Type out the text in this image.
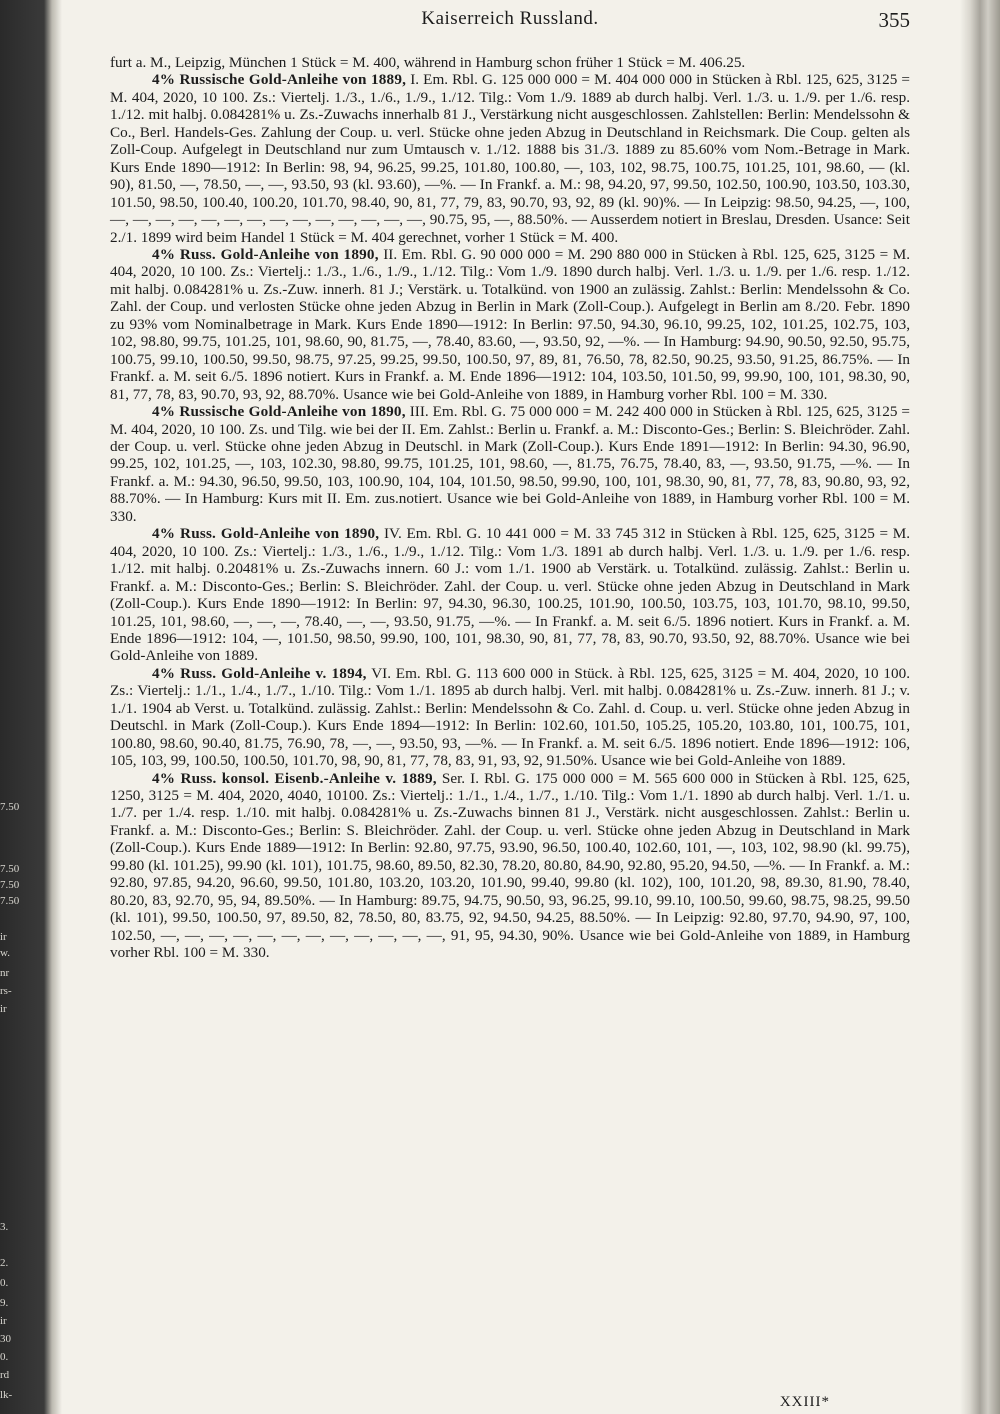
7.50
7.50
7.50
7.50
ir
w.
nr
rs-
ir
3.
2.
0.
9.
ir
30
0.
rd
lk-
Kaiserreich Russland.	355
furt a. M., Leipzig, München 1 Stück = M. 400, während in Hamburg schon früher 1 Stück = M. 406.25.
4% Russische Gold-Anleihe von 1889, I. Em. Rbl. G. 125 000 000 = M. 404 000 000 in Stücken à Rbl. 125, 625, 3125 = M. 404, 2020, 10 100. Zs.: Viertelj. 1./3., 1./6., 1./9., 1./12. Tilg.: Vom 1./9. 1889 ab durch halbj. Verl. 1./3. u. 1./9. per 1./6. resp. 1./12. mit halbj. 0.084281% u. Zs.-Zuwachs innerhalb 81 J., Verstärkung nicht ausgeschlossen. Zahlstellen: Berlin: Mendelssohn & Co., Berl. Handels-Ges. Zahlung der Coup. u. verl. Stücke ohne jeden Abzug in Deutschland in Reichsmark. Die Coup. gelten als Zoll-Coup. Aufgelegt in Deutschland nur zum Umtausch v. 1./12. 1888 bis 31./3. 1889 zu 85.60% vom Nom.-Betrage in Mark. Kurs Ende 1890—1912: In Berlin: 98, 94, 96.25, 99.25, 101.80, 100.80, —, 103, 102, 98.75, 100.75, 101.25, 101, 98.60, — (kl. 90), 81.50, —, 78.50, —, —, 93.50, 93 (kl. 93.60), —%. — In Frankf. a. M.: 98, 94.20, 97, 99.50, 102.50, 100.90, 103.50, 103.30, 101.50, 98.50, 100.40, 100.20, 101.70, 98.40, 90, 81, 77, 79, 83, 90.70, 93, 92, 89 (kl. 90)%. — In Leipzig: 98.50, 94.25, —, 100, —, —, —, —, —, —, —, —, —, —, —, —, —, —, 90.75, 95, —, 88.50%. — Ausserdem notiert in Breslau, Dresden. Usance: Seit 2./1. 1899 wird beim Handel 1 Stück = M. 404 gerechnet, vorher 1 Stück = M. 400.
4% Russ. Gold-Anleihe von 1890, II. Em. Rbl. G. 90 000 000 = M. 290 880 000 in Stücken à Rbl. 125, 625, 3125 = M. 404, 2020, 10 100. Zs.: Viertelj.: 1./3., 1./6., 1./9., 1./12. Tilg.: Vom 1./9. 1890 durch halbj. Verl. 1./3. u. 1./9. per 1./6. resp. 1./12. mit halbj. 0.084281% u. Zs.-Zuw. innerh. 81 J.; Verstärk. u. Totalkünd. von 1900 an zulässig. Zahlst.: Berlin: Mendelssohn & Co. Zahl. der Coup. und verlosten Stücke ohne jeden Abzug in Berlin in Mark (Zoll-Coup.). Aufgelegt in Berlin am 8./20. Febr. 1890 zu 93% vom Nominalbetrage in Mark. Kurs Ende 1890—1912: In Berlin: 97.50, 94.30, 96.10, 99.25, 102, 101.25, 102.75, 103, 102, 98.80, 99.75, 101.25, 101, 98.60, 90, 81.75, —, 78.40, 83.60, —, 93.50, 92, —%. — In Hamburg: 94.90, 90.50, 92.50, 95.75, 100.75, 99.10, 100.50, 99.50, 98.75, 97.25, 99.25, 99.50, 100.50, 97, 89, 81, 76.50, 78, 82.50, 90.25, 93.50, 91.25, 86.75%. — In Frankf. a. M. seit 6./5. 1896 notiert. Kurs in Frankf. a. M. Ende 1896—1912: 104, 103.50, 101.50, 99, 99.90, 100, 101, 98.30, 90, 81, 77, 78, 83, 90.70, 93, 92, 88.70%. Usance wie bei Gold-Anleihe von 1889, in Hamburg vorher Rbl. 100 = M. 330.
4% Russische Gold-Anleihe von 1890, III. Em. Rbl. G. 75 000 000 = M. 242 400 000 in Stücken à Rbl. 125, 625, 3125 = M. 404, 2020, 10 100. Zs. und Tilg. wie bei der II. Em. Zahlst.: Berlin u. Frankf. a. M.: Disconto-Ges.; Berlin: S. Bleichröder. Zahl. der Coup. u. verl. Stücke ohne jeden Abzug in Deutschl. in Mark (Zoll-Coup.). Kurs Ende 1891—1912: In Berlin: 94.30, 96.90, 99.25, 102, 101.25, —, 103, 102.30, 98.80, 99.75, 101.25, 101, 98.60, —, 81.75, 76.75, 78.40, 83, —, 93.50, 91.75, —%. — In Frankf. a. M.: 94.30, 96.50, 99.50, 103, 100.90, 104, 104, 101.50, 98.50, 99.90, 100, 101, 98.30, 90, 81, 77, 78, 83, 90.80, 93, 92, 88.70%. — In Hamburg: Kurs mit II. Em. zus.notiert. Usance wie bei Gold-Anleihe von 1889, in Hamburg vorher Rbl. 100 = M. 330.
4% Russ. Gold-Anleihe von 1890, IV. Em. Rbl. G. 10 441 000 = M. 33 745 312 in Stücken à Rbl. 125, 625, 3125 = M. 404, 2020, 10 100. Zs.: Viertelj.: 1./3., 1./6., 1./9., 1./12. Tilg.: Vom 1./3. 1891 ab durch halbj. Verl. 1./3. u. 1./9. per 1./6. resp. 1./12. mit halbj. 0.20481% u. Zs.-Zuwachs innern. 60 J.: vom 1./1. 1900 ab Verstärk. u. Totalkünd. zulässig. Zahlst.: Berlin u. Frankf. a. M.: Disconto-Ges.; Berlin: S. Bleichröder. Zahl. der Coup. u. verl. Stücke ohne jeden Abzug in Deutschland in Mark (Zoll-Coup.). Kurs Ende 1890—1912: In Berlin: 97, 94.30, 96.30, 100.25, 101.90, 100.50, 103.75, 103, 101.70, 98.10, 99.50, 101.25, 101, 98.60, —, —, —, 78.40, —, —, 93.50, 91.75, —%. — In Frankf. a. M. seit 6./5. 1896 notiert. Kurs in Frankf. a. M. Ende 1896—1912: 104, —, 101.50, 98.50, 99.90, 100, 101, 98.30, 90, 81, 77, 78, 83, 90.70, 93.50, 92, 88.70%. Usance wie bei Gold-Anleihe von 1889.
4% Russ. Gold-Anleihe v. 1894, VI. Em. Rbl. G. 113 600 000 in Stück. à Rbl. 125, 625, 3125 = M. 404, 2020, 10 100. Zs.: Viertelj.: 1./1., 1./4., 1./7., 1./10. Tilg.: Vom 1./1. 1895 ab durch halbj. Verl. mit halbj. 0.084281% u. Zs.-Zuw. innerh. 81 J.; v. 1./1. 1904 ab Verst. u. Totalkünd. zulässig. Zahlst.: Berlin: Mendelssohn & Co. Zahl. d. Coup. u. verl. Stücke ohne jeden Abzug in Deutschl. in Mark (Zoll-Coup.). Kurs Ende 1894—1912: In Berlin: 102.60, 101.50, 105.25, 105.20, 103.80, 101, 100.75, 101, 100.80, 98.60, 90.40, 81.75, 76.90, 78, —, —, 93.50, 93, —%. — In Frankf. a. M. seit 6./5. 1896 notiert. Ende 1896—1912: 106, 105, 103, 99, 100.50, 100.50, 101.70, 98, 90, 81, 77, 78, 83, 91, 93, 92, 91.50%. Usance wie bei Gold-Anleihe von 1889.
4% Russ. konsol. Eisenb.-Anleihe v. 1889, Ser. I. Rbl. G. 175 000 000 = M. 565 600 000 in Stücken à Rbl. 125, 625, 1250, 3125 = M. 404, 2020, 4040, 10100. Zs.: Viertelj.: 1./1., 1./4., 1./7., 1./10. Tilg.: Vom 1./1. 1890 ab durch halbj. Verl. 1./1. u. 1./7. per 1./4. resp. 1./10. mit halbj. 0.084281% u. Zs.-Zuwachs binnen 81 J., Verstärk. nicht ausgeschlossen. Zahlst.: Berlin u. Frankf. a. M.: Disconto-Ges.; Berlin: S. Bleichröder. Zahl. der Coup. u. verl. Stücke ohne jeden Abzug in Deutschland in Mark (Zoll-Coup.). Kurs Ende 1889—1912: In Berlin: 92.80, 97.75, 93.90, 96.50, 100.40, 102.60, 101, —, 103, 102, 98.90 (kl. 99.75), 99.80 (kl. 101.25), 99.90 (kl. 101), 101.75, 98.60, 89.50, 82.30, 78.20, 80.80, 84.90, 92.80, 95.20, 94.50, —%. — In Frankf. a. M.: 92.80, 97.85, 94.20, 96.60, 99.50, 101.80, 103.20, 103.20, 101.90, 99.40, 99.80 (kl. 102), 100, 101.20, 98, 89.30, 81.90, 78.40, 80.20, 83, 92.70, 95, 94, 89.50%. — In Hamburg: 89.75, 94.75, 90.50, 93, 96.25, 99.10, 99.10, 100.50, 99.60, 98.75, 98.25, 99.50 (kl. 101), 99.50, 100.50, 97, 89.50, 82, 78.50, 80, 83.75, 92, 94.50, 94.25, 88.50%. — In Leipzig: 92.80, 97.70, 94.90, 97, 100, 102.50, —, —, —, —, —, —, —, —, —, —, —, —, 91, 95, 94.30, 90%. Usance wie bei Gold-Anleihe von 1889, in Hamburg vorher Rbl. 100 = M. 330.
XXIII*
